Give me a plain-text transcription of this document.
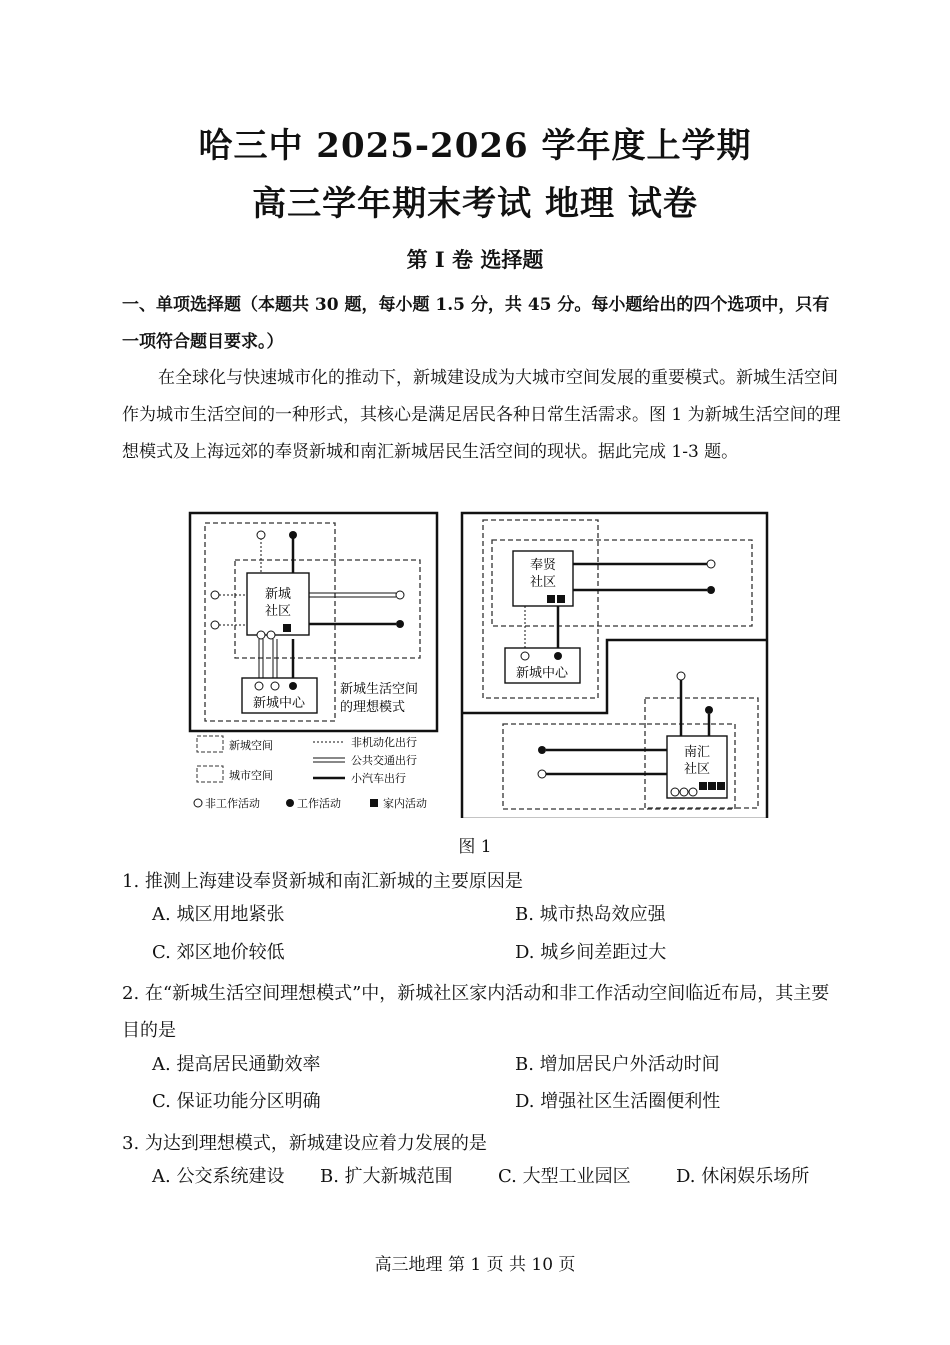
哈三中 2025-2026 学年度上学期
高三学年期末考试 地理 试卷
第 I 卷 选择题
一、单项选择题（本题共 30 题，每小题 1.5 分，共 45 分。每小题给出的四个选项中，只有一项符合题目要求。）
在全球化与快速城市化的推动下，新城建设成为大城市空间发展的重要模式。新城生活空间作为城市生活空间的一种形式，其核心是满足居民各种日常生活需求。图 1 为新城生活空间的理想模式及上海远郊的奉贤新城和南汇新城居民生活空间的现状。据此完成 1-3 题。
新城
社区
新城中心
新城生活空间
的理想模式
新城空间
城市空间
非机动化出行
公共交通出行
小汽车出行
非工作活动	工作活动	家内活动
奉贤
社区
新城中心
南汇
社区
图 1
1. 推测上海建设奉贤新城和南汇新城的主要原因是
A. 城区用地紧张	B. 城市热岛效应强
C. 郊区地价较低	D. 城乡间差距过大
2. 在“新城生活空间理想模式”中，新城社区家内活动和非工作活动空间临近布局，其主要目的是
A. 提高居民通勤效率	B. 增加居民户外活动时间
C. 保证功能分区明确	D. 增强社区生活圈便利性
3. 为达到理想模式，新城建设应着力发展的是
A. 公交系统建设 B. 扩大新城范围	C. 大型工业园区	D. 休闲娱乐场所
高三地理 第 1 页 共 10 页
